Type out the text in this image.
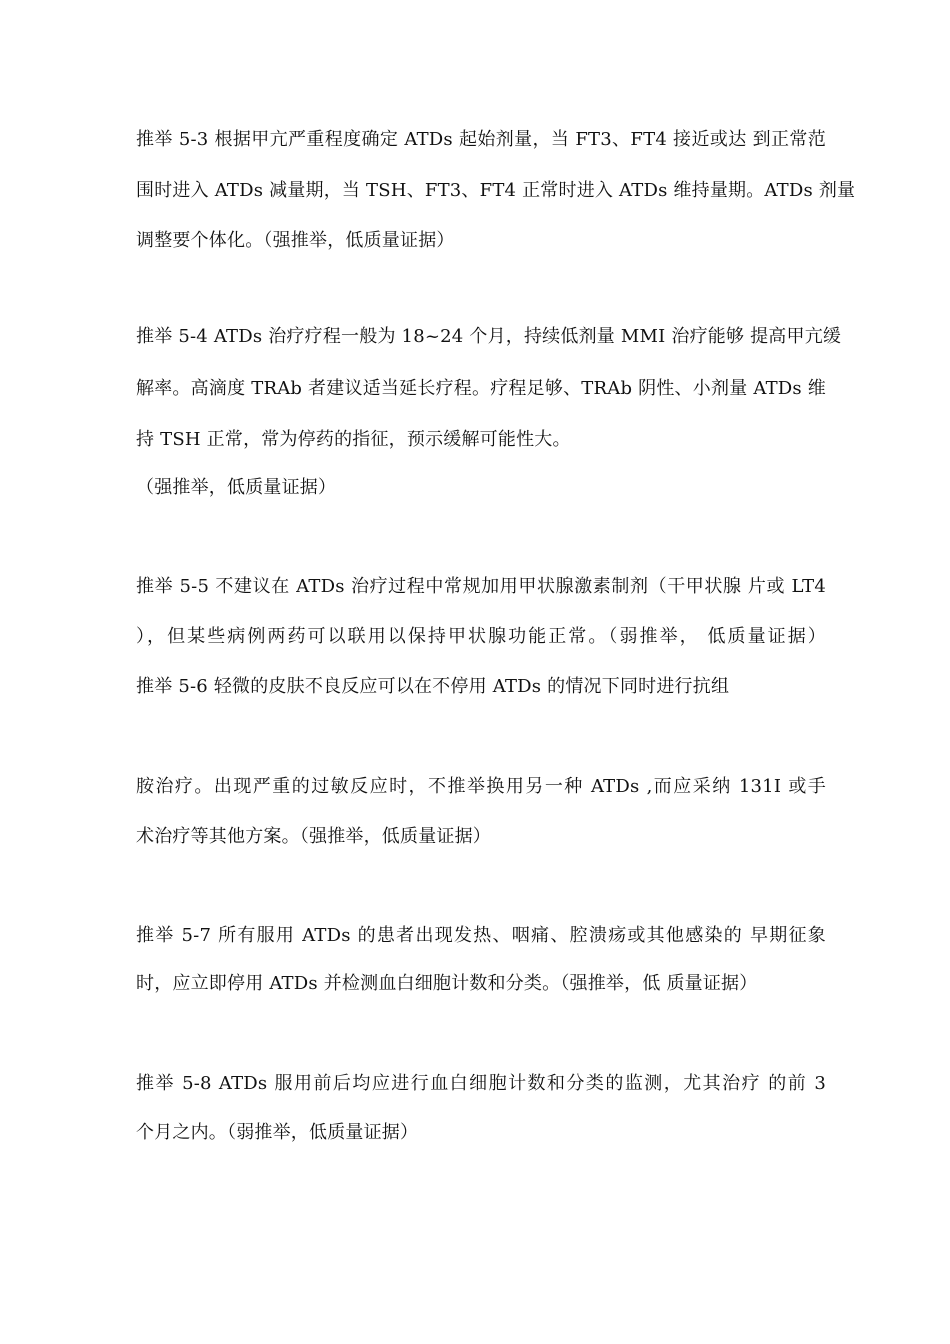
推举 5-3 根据甲亢严重程度确定 ATDs 起始剂量，当 FT3、FT4 接近或达 到正常范
围时进入 ATDs 减量期，当 TSH、FT3、FT4 正常时进入 ATDs 维持量期。ATDs 剂量
调整要个体化。（强推举，低质量证据）
推举 5-4 ATDs 治疗疗程一般为 18~24 个月，持续低剂量 MMI 治疗能够 提高甲亢缓
解率。高滴度 TRAb 者建议适当延长疗程。疗程足够、TRAb 阴性、小剂量 ATDs 维
持 TSH 正常，常为停药的指征，预示缓解可能性大。
（强推举，低质量证据）
推举 5-5 不建议在 ATDs 治疗过程中常规加用甲状腺激素制剂（干甲状腺 片或 LT4
），但某些病例两药可以联用以保持甲状腺功能正常。（弱推举， 低质量证据）
推举 5-6 轻微的皮肤不良反应可以在不停用 ATDs 的情况下同时进行抗组
胺治疗。出现严重的过敏反应时，不推举换用另一种 ATDs ,而应采纳 131I 或手
术治疗等其他方案。（强推举，低质量证据）
推举 5-7 所有服用 ATDs 的患者出现发热、咽痛、腔溃疡或其他感染的 早期征象
时，应立即停用 ATDs 并检测血白细胞计数和分类。（强推举，低 质量证据）
推举 5-8 ATDs 服用前后均应进行血白细胞计数和分类的监测，尤其治疗 的前 3
个月之内。（弱推举，低质量证据）
